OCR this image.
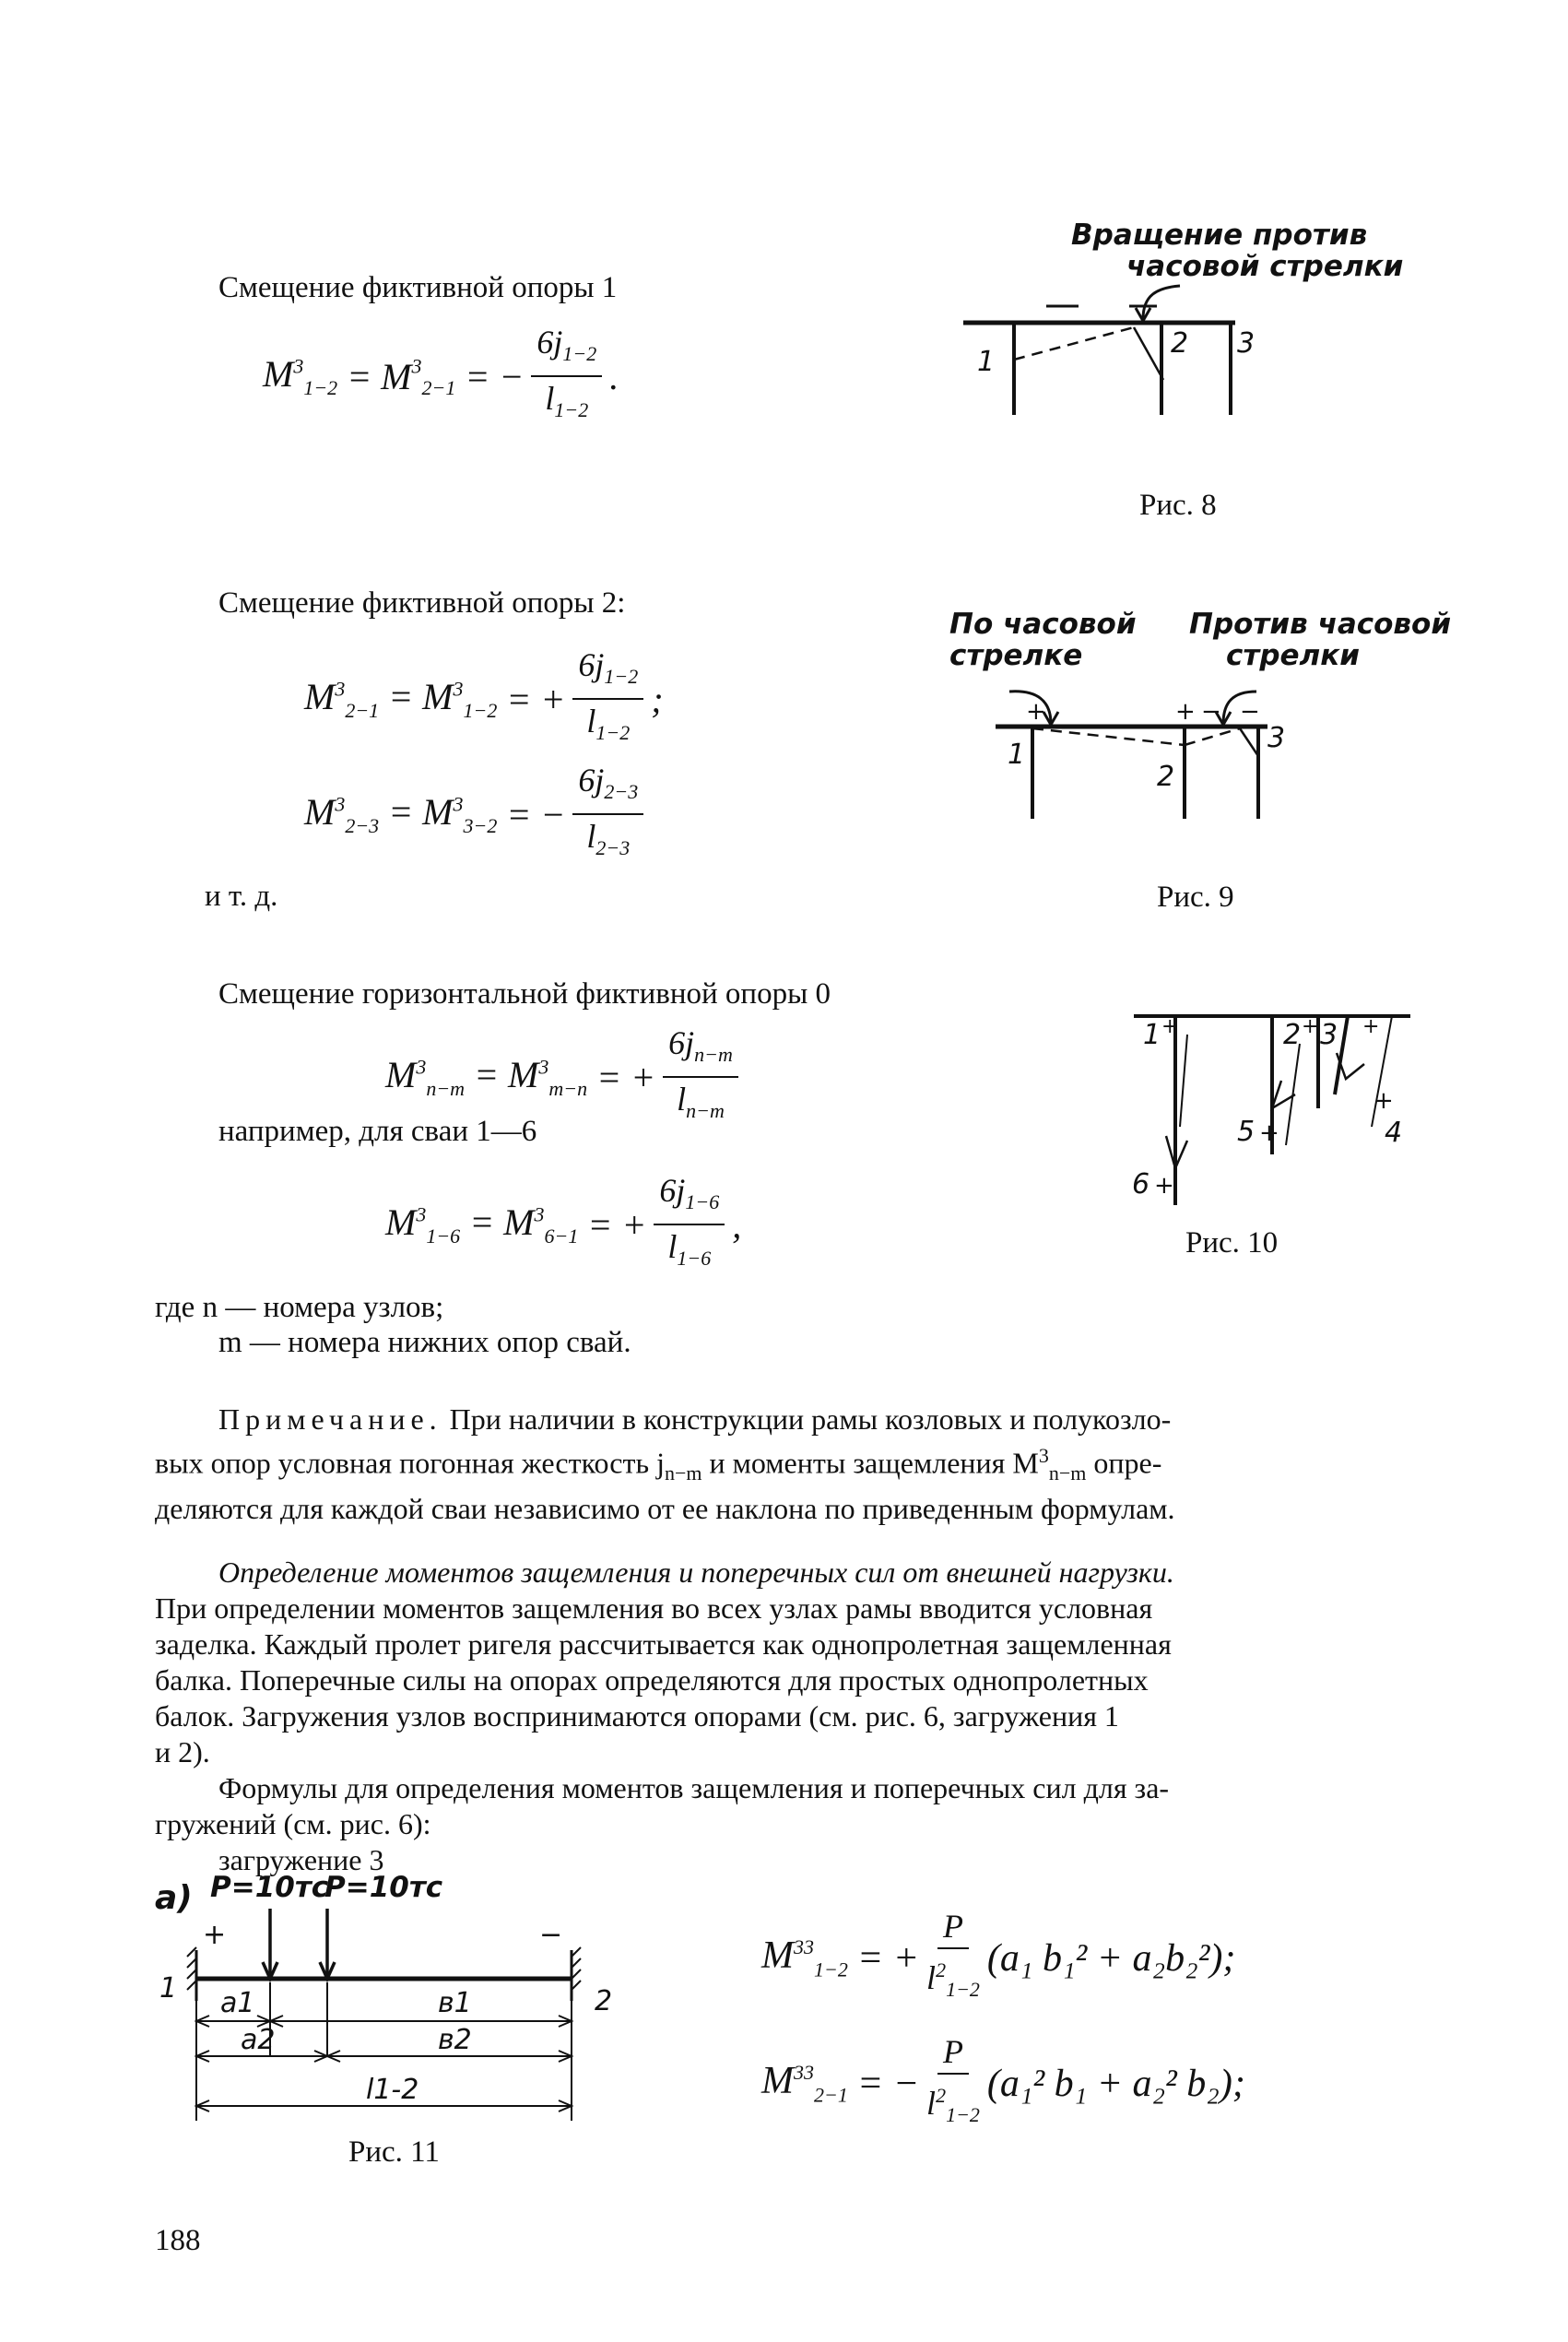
Смещение фиктивной опоры 1
$M^3_{1-2} = M$ $^3_{2-1}$ = − $\frac{6j_{1-2}}{l_{1-2}}$ .
Вращение против
часовой стрелки
1
2 3
Рис. 8
Смещение фиктивной опоры 2:
$M^3_{2-1} = M^3_{1-2}$ = + $\frac{6j_{1-2}}{l_{1-2}}$ ;
$M^3_{2-3} = M^3_{3-2}$ = − $\frac{6j_{2-3}}{l_{2-3}}$
и т. д.
По часовой
стрелке
Против часовой
стрелки
+	+ − −
1
2
3
Рис. 9
Смещение горизонтальной фиктивной опоры 0
$M^3_{n-m} = M^3_{m-n}$ = + $\frac{6j_{n-m}}{l_{n-m}}$
например, для сваи 1—6
$M^3_{1-6} = M^3_{6-1}$ = + $\frac{6j_{1-6}}{l_{1-6}}$ ,
где n — номера узлов;
m — номера нижних опор свай.
1 +	2 + 3 +
4
+
5 +
6 +
Рис. 10
Примечание. При наличии в конструкции рамы козловых и полукозло-
вых опор условная погонная жесткость $j_{n-m}$ и моменты защемления $M^3_{n-m}$ опре-
деляются для каждой сваи независимо от ее наклона по приведенным формулам.
Определение моментов защемления и поперечных сил от внешней нагрузки.
При определении моментов защемления во всех узлах рамы вводится условная
заделка. Каждый пролет ригеля рассчитывается как однопролетная защемленная
балка. Поперечные силы на опорах определяются для простых однопролетных
балок. Загружения узлов воспринимаются опорами (см. рис. 6, загружения 1
и 2).
Формулы для определения моментов защемления и поперечных сил для за-
гружений (см. рис. 6):
загружение 3
a) P=10тс
P=10тс
+	−
1	2
a1	в1
a2	в2
l1-2
Рис. 11
$M^{33}_{1-2}$ = + $\frac{P}{l^2_{1-2}} (a_1$ b₁² + a₂b₂²);
$M^{33}_{2-1}$ = − $\frac{P}{l^2_{1-2}} (a_1^2$ b₁ + a₂² b₂);
188
